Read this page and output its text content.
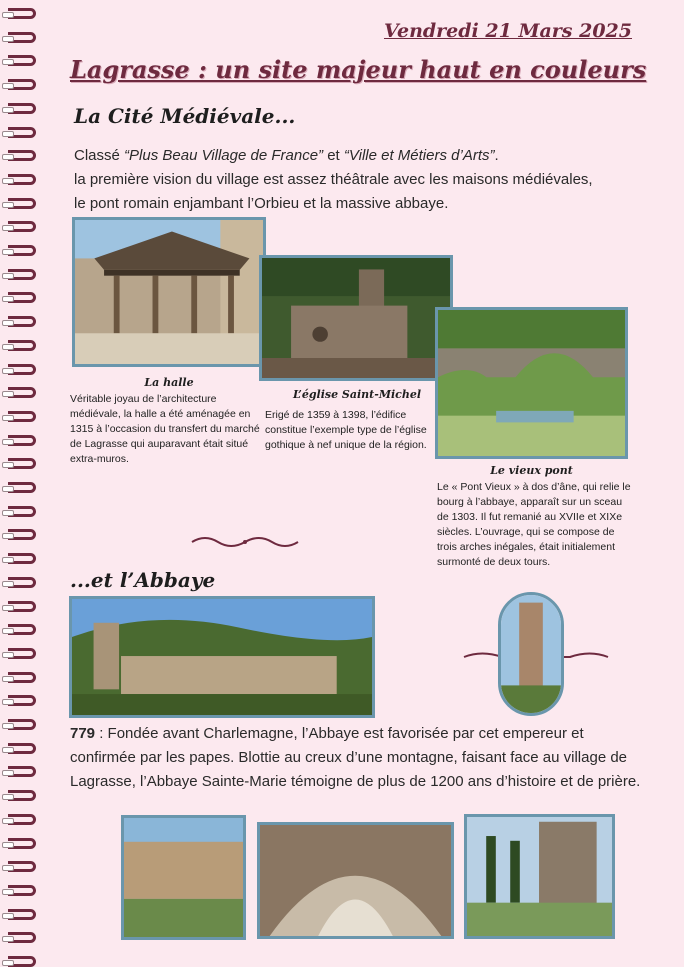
Vendredi 21 Mars 2025
Lagrasse : un site majeur haut en couleurs
La Cité Médiévale...
Classé “Plus Beau Village de France” et “Ville et Métiers d’Arts”.
la première vision du village est assez théâtrale avec les maisons médiévales,
le pont romain enjambant l’Orbieu et la massive abbaye.
La halle
Véritable joyau de l’architecture médiévale, la halle a été aménagée en 1315 à l’occasion du transfert du marché de Lagrasse qui auparavant était situé extra-muros.
L’église Saint-Michel
Erigé de 1359 à 1398, l’édifice constitue l’exemple type de l’église gothique à nef unique de la région.
Le vieux pont
Le « Pont Vieux » à dos d’âne, qui relie le bourg à l’abbaye, apparaît sur un sceau de 1303. Il fut remanié au XVIIe et XIXe siècles. L’ouvrage, qui se compose de trois arches inégales, était initialement surmonté de deux tours.
...et l’Abbaye
779 : Fondée avant Charlemagne, l’Abbaye est favorisée par cet empereur et confirmée par les papes. Blottie au creux d’une montagne, faisant face au village de Lagrasse, l’Abbaye Sainte-Marie témoigne de plus de 1200 ans d’histoire et de prière.
